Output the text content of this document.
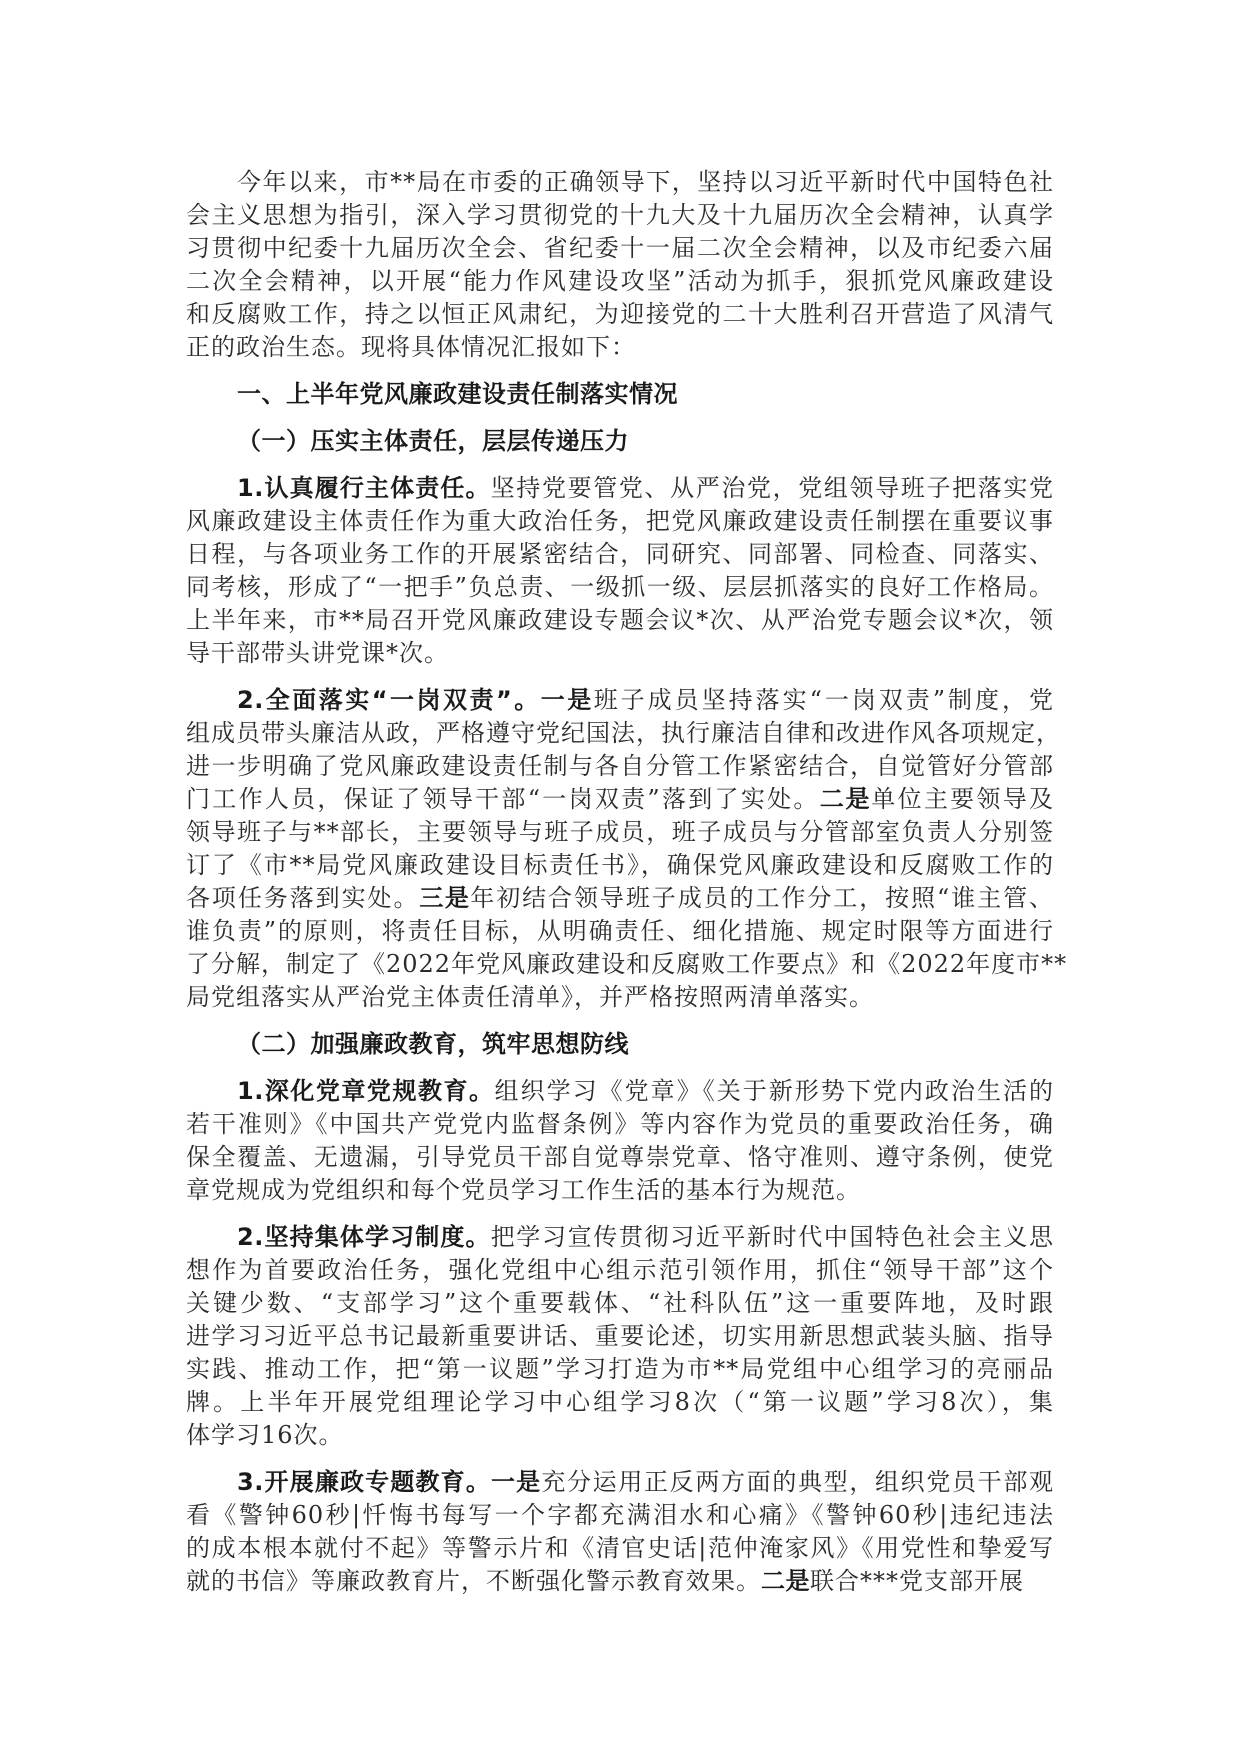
今年以来，市**局在市委的正确领导下，坚持以习近平新时代中国特色社
会主义思想为指引，深入学习贯彻党的十九大及十九届历次全会精神，认真学
习贯彻中纪委十九届历次全会、省纪委十一届二次全会精神，以及市纪委六届
二次全会精神，以开展“能力作风建设攻坚”活动为抓手，狠抓党风廉政建设
和反腐败工作，持之以恒正风肃纪，为迎接党的二十大胜利召开营造了风清气
正的政治生态。现将具体情况汇报如下：
一、上半年党风廉政建设责任制落实情况
（一）压实主体责任，层层传递压力
1.认真履行主体责任。坚持党要管党、从严治党，党组领导班子把落实党
风廉政建设主体责任作为重大政治任务，把党风廉政建设责任制摆在重要议事
日程，与各项业务工作的开展紧密结合，同研究、同部署、同检查、同落实、
同考核，形成了“一把手”负总责、一级抓一级、层层抓落实的良好工作格局。
上半年来，市**局召开党风廉政建设专题会议*次、从严治党专题会议*次，领
导干部带头讲党课*次。
2.全面落实“一岗双责”。一是班子成员坚持落实“一岗双责”制度，党
组成员带头廉洁从政，严格遵守党纪国法，执行廉洁自律和改进作风各项规定，
进一步明确了党风廉政建设责任制与各自分管工作紧密结合，自觉管好分管部
门工作人员，保证了领导干部“一岗双责”落到了实处。二是单位主要领导及
领导班子与**部长，主要领导与班子成员，班子成员与分管部室负责人分别签
订了《市**局党风廉政建设目标责任书》，确保党风廉政建设和反腐败工作的
各项任务落到实处。三是年初结合领导班子成员的工作分工，按照“谁主管、
谁负责”的原则，将责任目标，从明确责任、细化措施、规定时限等方面进行
了分解，制定了《2022年党风廉政建设和反腐败工作要点》和《2022年度市**
局党组落实从严治党主体责任清单》，并严格按照两清单落实。
（二）加强廉政教育，筑牢思想防线
1.深化党章党规教育。组织学习《党章》《关于新形势下党内政治生活的
若干准则》《中国共产党党内监督条例》等内容作为党员的重要政治任务，确
保全覆盖、无遗漏，引导党员干部自觉尊崇党章、恪守准则、遵守条例，使党
章党规成为党组织和每个党员学习工作生活的基本行为规范。
2.坚持集体学习制度。把学习宣传贯彻习近平新时代中国特色社会主义思
想作为首要政治任务，强化党组中心组示范引领作用，抓住“领导干部”这个
关键少数、“支部学习”这个重要载体、“社科队伍”这一重要阵地，及时跟
进学习习近平总书记最新重要讲话、重要论述，切实用新思想武装头脑、指导
实践、推动工作，把“第一议题”学习打造为市**局党组中心组学习的亮丽品
牌。上半年开展党组理论学习中心组学习8次（“第一议题”学习8次），集
体学习16次。
3.开展廉政专题教育。一是充分运用正反两方面的典型，组织党员干部观
看《警钟60秒|忏悔书每写一个字都充满泪水和心痛》《警钟60秒|违纪违法
的成本根本就付不起》等警示片和《清官史话|范仲淹家风》《用党性和挚爱写
就的书信》等廉政教育片，不断强化警示教育效果。二是联合***党支部开展
